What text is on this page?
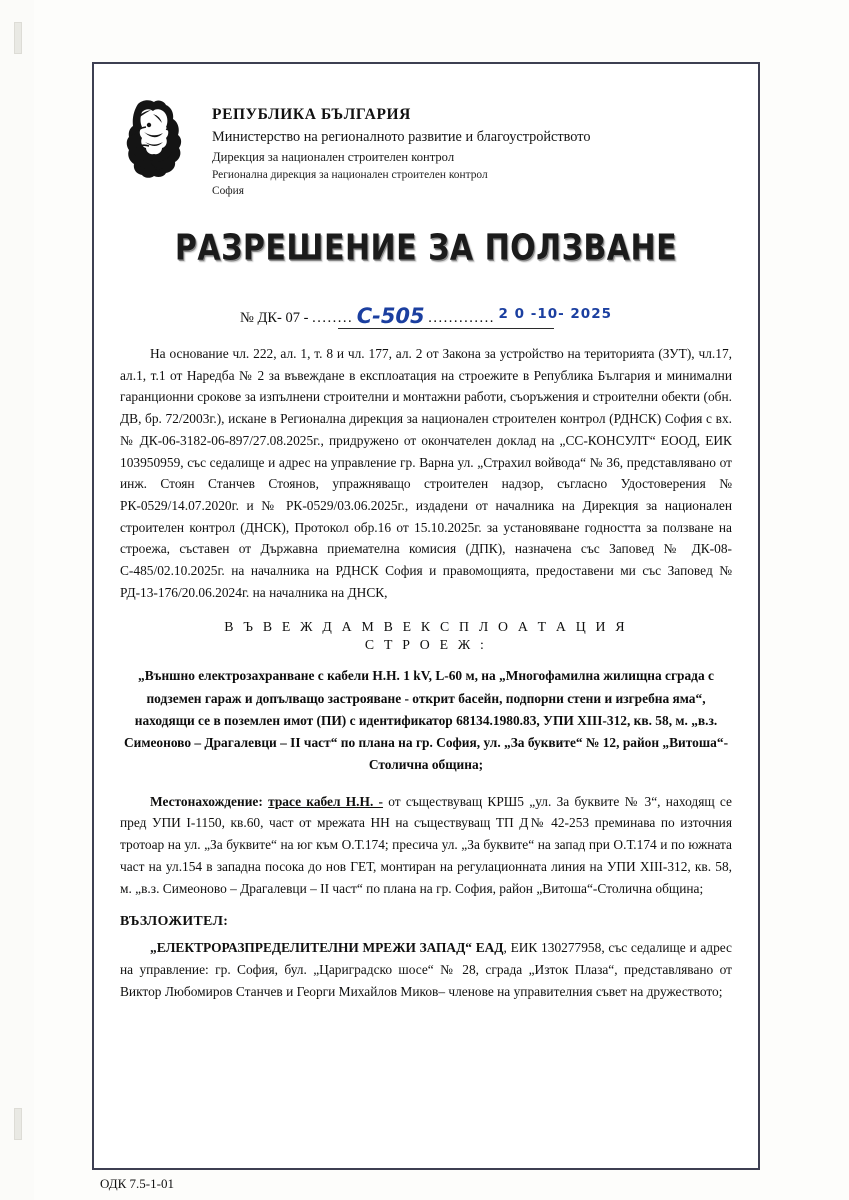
РЕПУБЛИКА БЪЛГАРИЯ
Министерство на регионалното развитие и благоустройството
Дирекция за национален строителен контрол
Регионална дирекция за национален строителен контрол
София
РАЗРЕШЕНИЕ ЗА ПОЛЗВАНЕ
№ ДК- 07 - ........ С-505 ............. 2 0 -10- 2025

На основание чл. 222, ал. 1, т. 8 и чл. 177, ал. 2 от Закона за устройство на територията (ЗУТ), чл.17, ал.1, т.1 от Наредба № 2 за въвеждане в експлоатация на строежите в Република България и минимални гаранционни срокове за изпълнени строителни и монтажни работи, съоръжения и строителни обекти (обн. ДВ, бр. 72/2003г.), искане в Регионална дирекция за национален строителен контрол (РДНСК) София с вх. № ДК-06-3182-06-897/27.08.2025г., придружено от окончателен доклад на „СС-КОНСУЛТ“ ЕООД, ЕИК 103950959, със седалище и адрес на управление гр. Варна ул. „Страхил войвода“ № 36, представлявано от инж. Стоян Станчев Стоянов, упражняващо строителен надзор, съгласно Удостоверения № РК-0529/14.07.2020г. и № РК-0529/03.06.2025г., издадени от началника на Дирекция за национален строителен контрол (ДНСК), Протокол обр.16 от 15.10.2025г. за установяване годността за ползване на строежа, съставен от Държавна приемателна комисия (ДПК), назначена със Заповед № ДК-08-С-485/02.10.2025г. на началника на РДНСК София и правомощията, предоставени ми със Заповед № РД-13-176/20.06.2024г. на началника на ДНСК,

В Ъ В Е Ж Д А М В Е К С П Л О А Т А Ц И Я
С Т Р О Е Ж :
„Външно електрозахранване с кабели Н.Н. 1 kV, L-60 м, на „Многофамилна жилищна сграда с подземен гараж и допълващо застрояване - открит басейн, подпорни стени и изгребна яма“, находящи се в поземлен имот (ПИ) с идентификатор 68134.1980.83, УПИ XIII-312, кв. 58, м. „в.з. Симеоново – Драгалевци – II част“ по плана на гр. София, ул. „За буквите“ № 12, район „Витоша“-Столична община;

Местонахождение: трасе кабел Н.Н. - от съществуващ КРШ5 „ул. За буквите № 3“, находящ се пред УПИ I-1150, кв.60, част от мрежата НН на съществуващ ТП Д№ 42-253 преминава по източния тротоар на ул. „За буквите“ на юг към О.Т.174; пресича ул. „За буквите“ на запад при О.Т.174 и по южната част на ул.154 в западна посока до нов ГЕТ, монтиран на регулационната линия на УПИ XIII-312, кв. 58, м. „в.з. Симеоново – Драгалевци – II част“ по плана на гр. София, район „Витоша“-Столична община;

ВЪЗЛОЖИТЕЛ:

„ЕЛЕКТРОРАЗПРЕДЕЛИТЕЛНИ МРЕЖИ ЗАПАД“ ЕАД, ЕИК 130277958, със седалище и адрес на управление: гр. София, бул. „Цариградско шосе“ № 28, сграда „Изток Плаза“, представлявано от Виктор Любомиров Станчев и Георги Михайлов Миков– членове на управителния съвет на дружеството;

ОДК 7.5-1-01
